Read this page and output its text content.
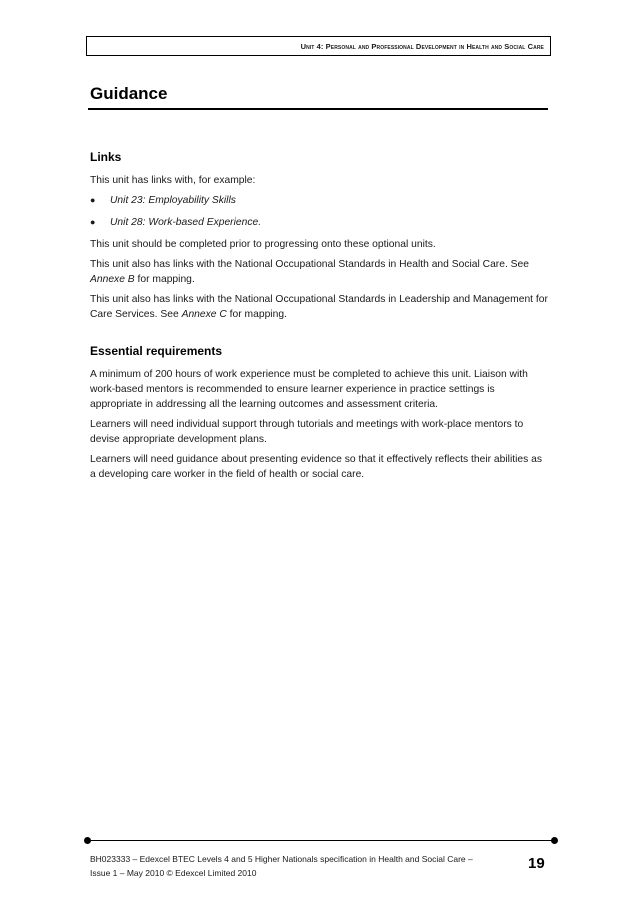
Unit 4: Personal and Professional Development in Health and Social Care
Guidance
Links

This unit has links with, for example:

●	Unit 23: Employability Skills
●	Unit 28: Work-based Experience.

This unit should be completed prior to progressing onto these optional units.

This unit also has links with the National Occupational Standards in Health and Social Care. See Annexe B for mapping.

This unit also has links with the National Occupational Standards in Leadership and Management for Care Services. See Annexe C for mapping.

Essential requirements

A minimum of 200 hours of work experience must be completed to achieve this unit. Liaison with work-based mentors is recommended to ensure learner experience in practice settings is appropriate in addressing all the learning outcomes and assessment criteria.

Learners will need individual support through tutorials and meetings with work-place mentors to devise appropriate development plans.

Learners will need guidance about presenting evidence so that it effectively reflects their abilities as a developing care worker in the field of health or social care.

BH023333 – Edexcel BTEC Levels 4 and 5 Higher Nationals specification in Health and Social Care –
Issue 1 – May 2010 © Edexcel Limited 2010
19
